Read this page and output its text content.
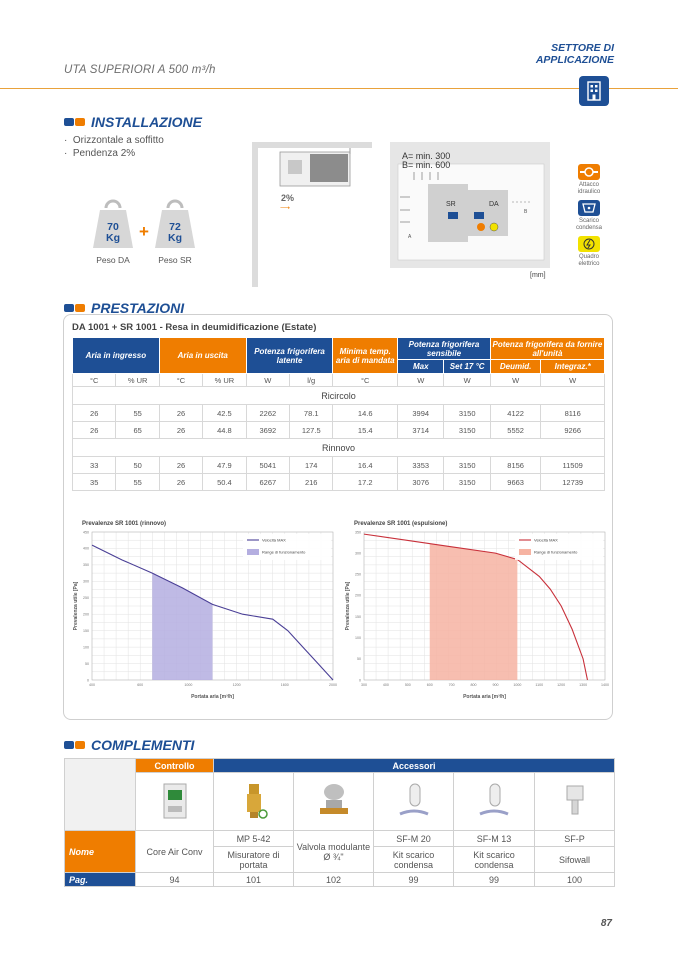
UTA SUPERIORI A 500 m³/h
SETTORE DI
APPLICAZIONE
INSTALLAZIONE
·  Orizzontale a soffitto
·  Pendenza 2%
70
Kg	+	72
Kg
Peso DA	Peso SR
2%
⟶
A= min. 300
B= min. 600
SR	DA
A
B
[mm]
Attacco
idraulico
Scarico
condensa
Quadro
elettrico
PRESTAZIONI
DA 1001 + SR 1001 - Resa in deumidificazione (Estate)
Aria in ingresso		Aria in uscita		Potenza frigorifera latente		Minima temp. aria di mandata	Potenza frigorifera sensibile		Potenza frigorifera da fornire all'unità	
							Max	Set 17 °C	Deumid.	Integraz.*
°C	% UR	°C	% UR	W	l/g	°C	W	W	W	W
Ricircolo										
26	55	26	42.5	2262	78.1	14.6	3994	3150	4122	8116
26	65	26	44.8	3692	127.5	15.4	3714	3150	5552	9266
Rinnovo										
33	50	26	47.9	5041	174	16.4	3353	3150	8156	11509
35	55	26	50.4	6267	216	17.2	3076	3150	9663	12739
Prevalenze SR 1001 (rinnovo)
400	600	1000	1200	1600	2000
0
50
100
150
200
250
300
350
400
450
Portata aria [m³/h]
Prevalenza utile [Pa]
Velocità MAX
Range di funzionamento
Prevalenze SR 1001 (espulsione)
300	400	500	600	700	800	900	1000	1100	1200	1300	1400
0
50
100
150
200
250
300
350
Portata aria [m³/h]
Prevalenza utile [Pa]
Velocità MAX
Range di funzionamento
COMPLEMENTI
	Controllo	Accessori				

Nome	Core Air Conv	MP 5-42	Valvola modulante Ø ¾"	SF-M 20	SF-M 13	SF-P
		Misuratore di portata		Kit scarico condensa	Kit scarico condensa	Sifowall
Pag.	94	101	102	99	99	100
87
